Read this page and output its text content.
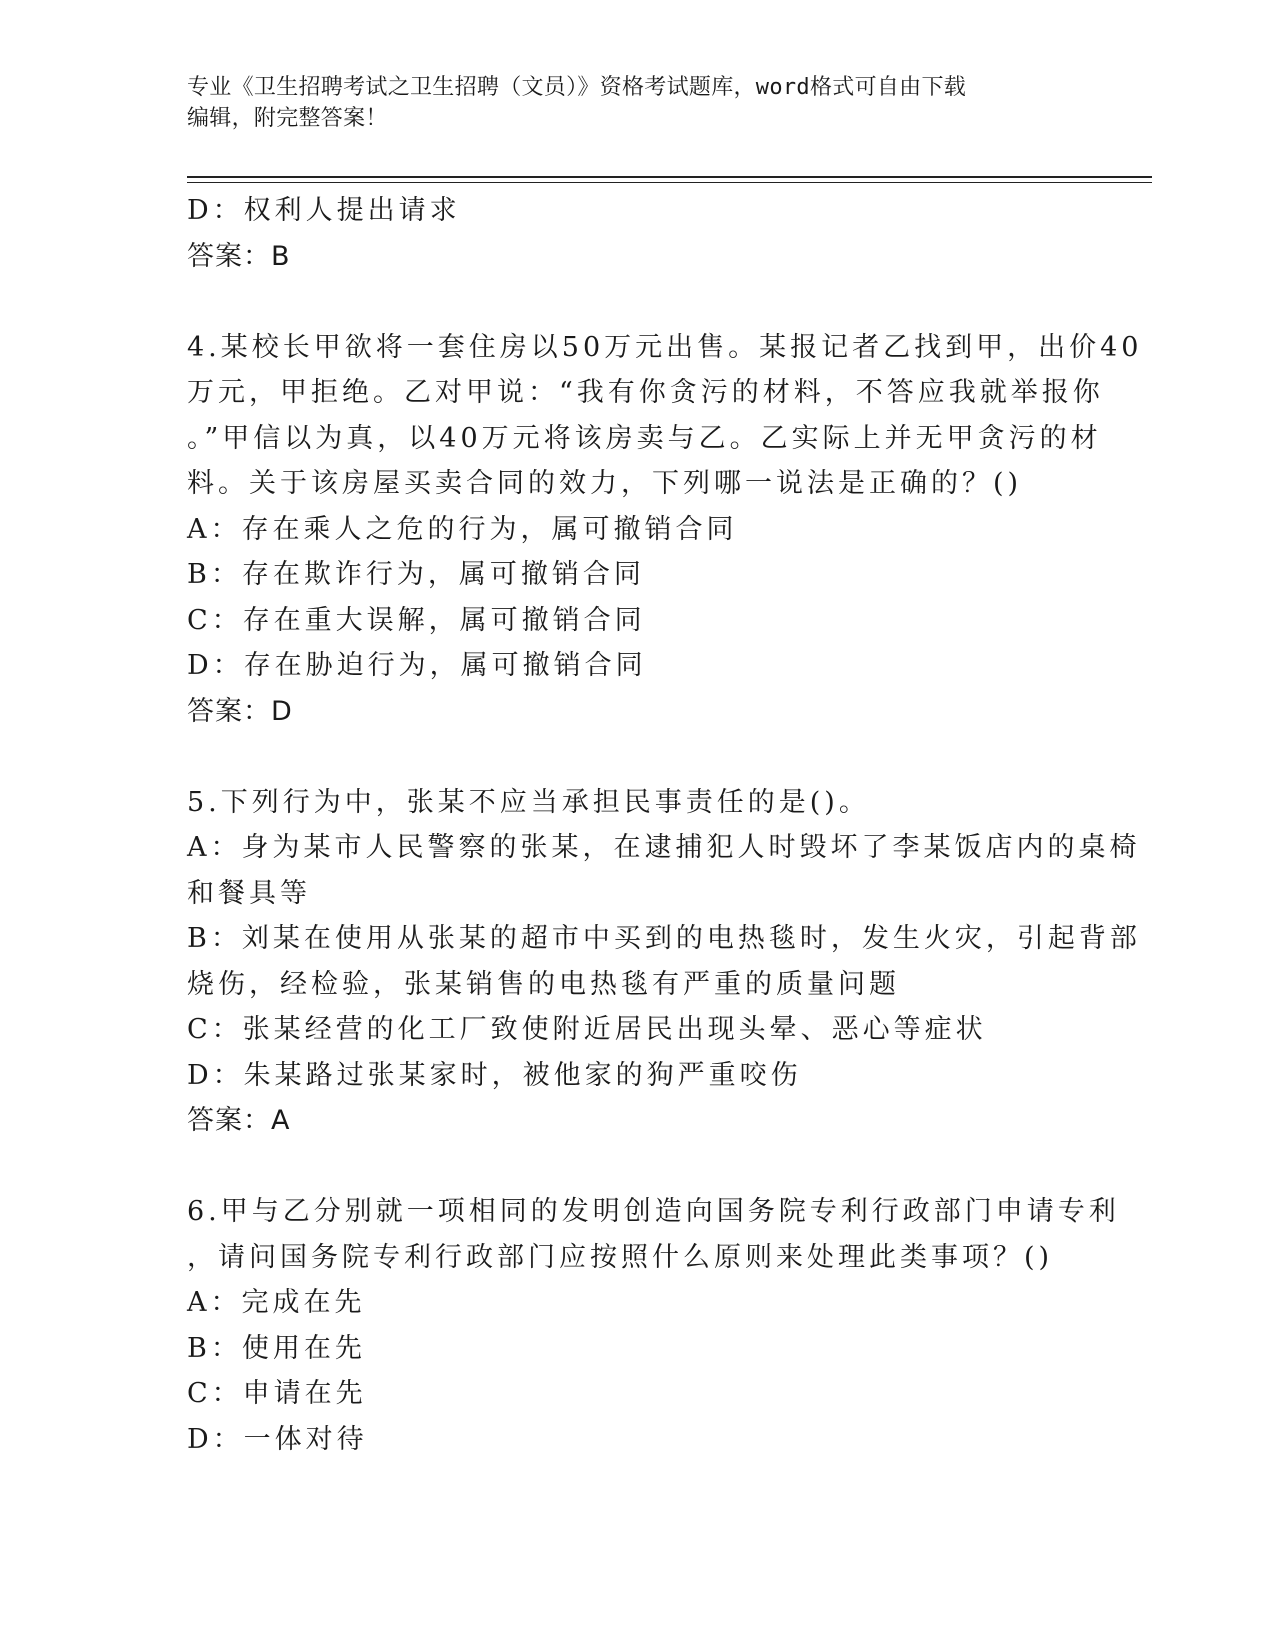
专业《卫生招聘考试之卫生招聘（文员）》资格考试题库，word格式可自由下载
编辑，附完整答案！
D：权利人提出请求
答案：B
4.某校长甲欲将一套住房以50万元出售。某报记者乙找到甲，出价40
万元，甲拒绝。乙对甲说：“我有你贪污的材料，不答应我就举报你
。”甲信以为真，以40万元将该房卖与乙。乙实际上并无甲贪污的材
料。关于该房屋买卖合同的效力，下列哪一说法是正确的？()
A：存在乘人之危的行为，属可撤销合同
B：存在欺诈行为，属可撤销合同
C：存在重大误解，属可撤销合同
D：存在胁迫行为，属可撤销合同
答案：D
5.下列行为中，张某不应当承担民事责任的是()。
A：身为某市人民警察的张某，在逮捕犯人时毁坏了李某饭店内的桌椅
和餐具等
B：刘某在使用从张某的超市中买到的电热毯时，发生火灾，引起背部
烧伤，经检验，张某销售的电热毯有严重的质量问题
C：张某经营的化工厂致使附近居民出现头晕、恶心等症状
D：朱某路过张某家时，被他家的狗严重咬伤
答案：A
6.甲与乙分别就一项相同的发明创造向国务院专利行政部门申请专利
，请问国务院专利行政部门应按照什么原则来处理此类事项？()
A：完成在先
B：使用在先
C：申请在先
D：一体对待
